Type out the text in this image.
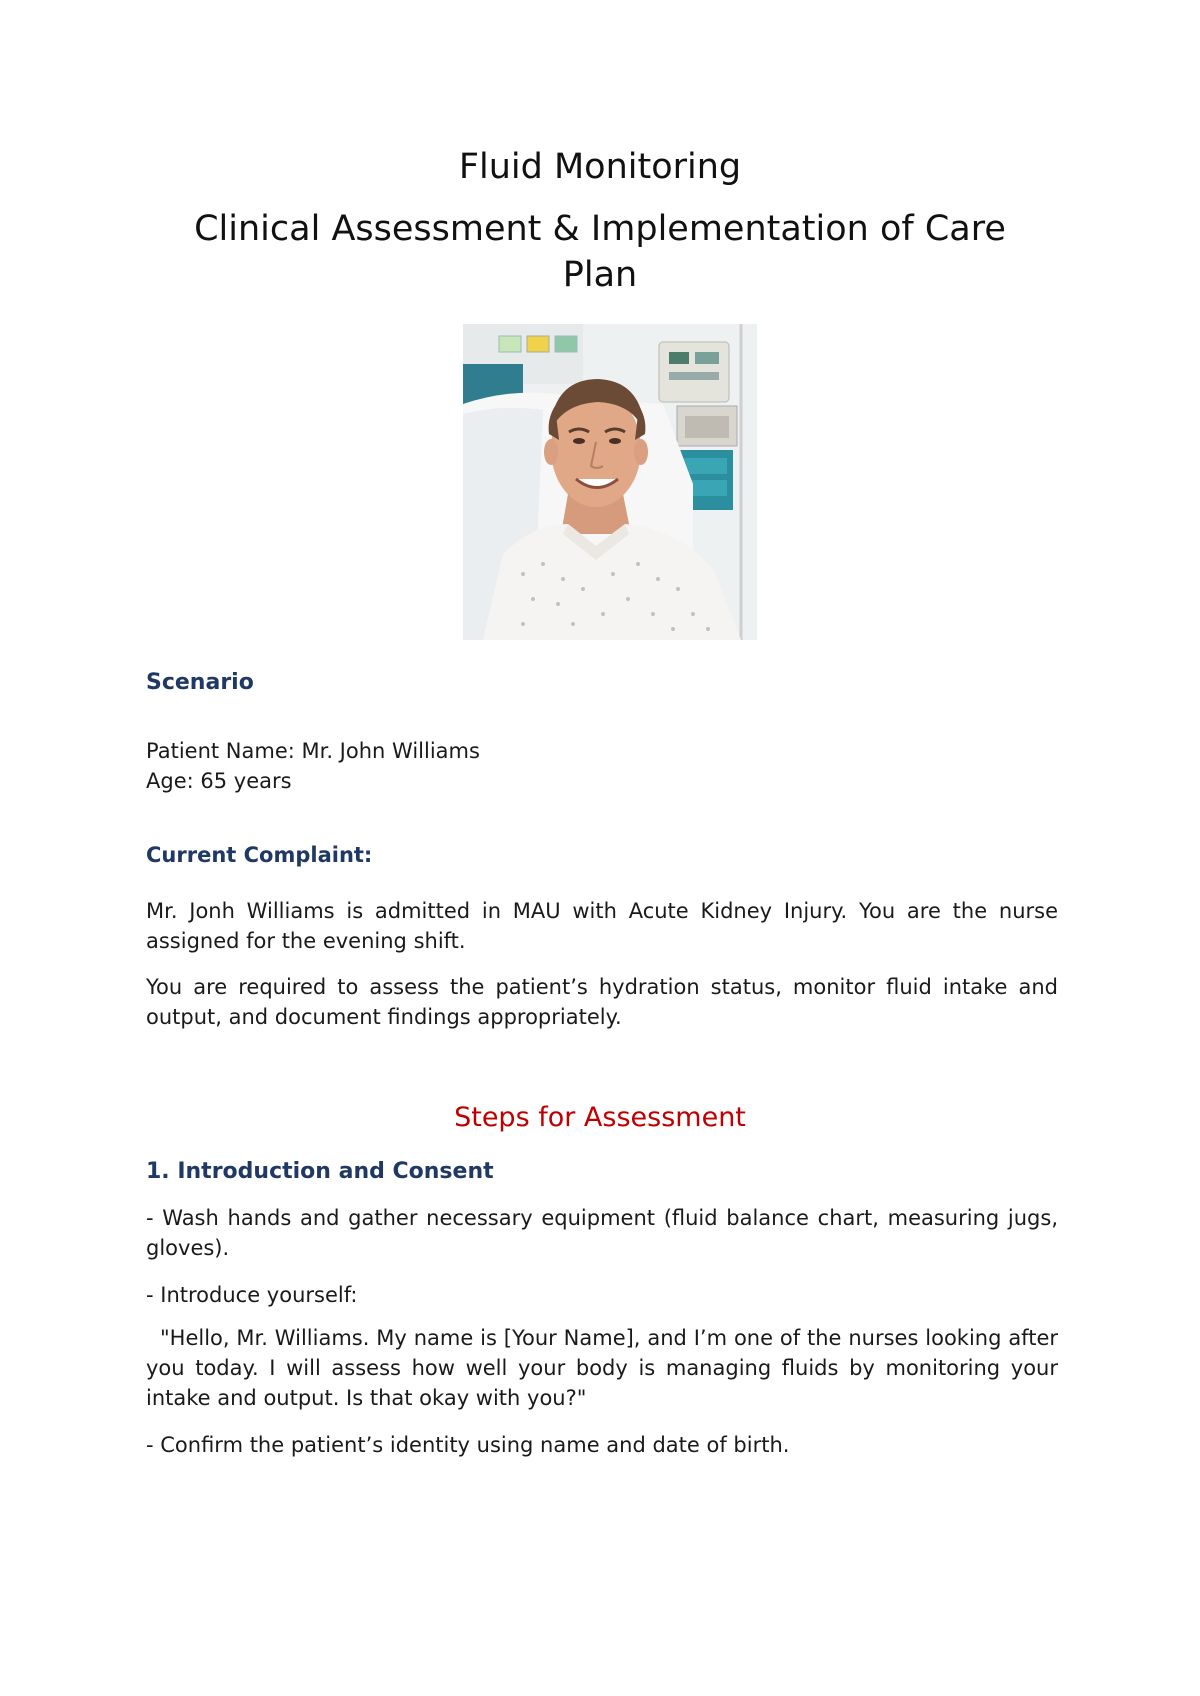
Fluid Monitoring
Clinical Assessment & Implementation of Care Plan
Scenario
Patient Name: Mr. John Williams
Age: 65 years
Current Complaint:
Mr. Jonh Williams is admitted in MAU with Acute Kidney Injury. You are the nurse assigned for the evening shift.
You are required to assess the patient’s hydration status, monitor fluid intake and output, and document findings appropriately.
Steps for Assessment
1. Introduction and Consent
- Wash hands and gather necessary equipment (fluid balance chart, measuring jugs, gloves).
- Introduce yourself:
"Hello, Mr. Williams. My name is [Your Name], and I’m one of the nurses looking after you today. I will assess how well your body is managing fluids by monitoring your intake and output. Is that okay with you?"
- Confirm the patient’s identity using name and date of birth.
